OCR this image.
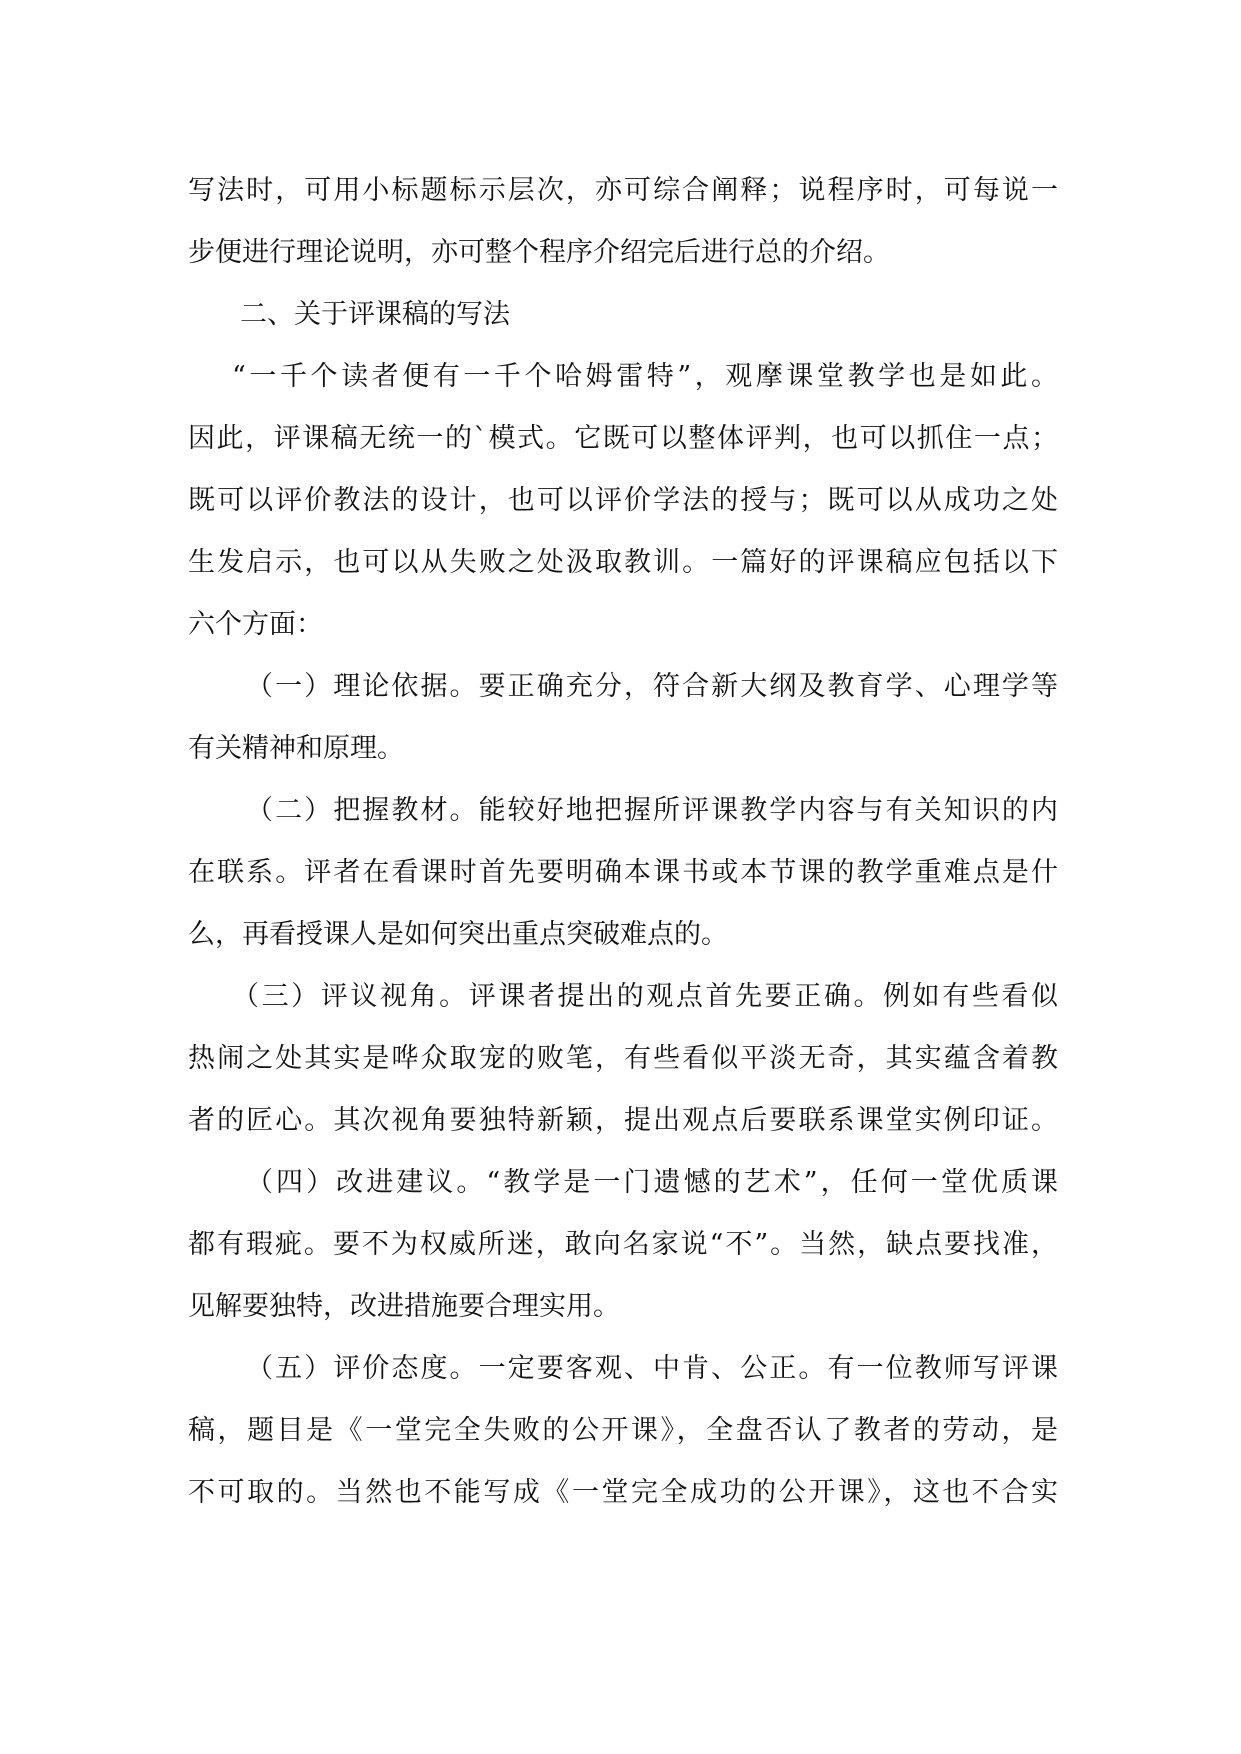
写法时，可用小标题标示层次，亦可综合阐释；说程序时，可每说一
步便进行理论说明，亦可整个程序介绍完后进行总的介绍。
二、关于评课稿的写法
“一千个读者便有一千个哈姆雷特”，观摩课堂教学也是如此。
因此，评课稿无统一的`模式。它既可以整体评判，也可以抓住一点；
既可以评价教法的设计，也可以评价学法的授与；既可以从成功之处
生发启示，也可以从失败之处汲取教训。一篇好的评课稿应包括以下
六个方面：
（一）理论依据。要正确充分，符合新大纲及教育学、心理学等
有关精神和原理。
（二）把握教材。能较好地把握所评课教学内容与有关知识的内
在联系。评者在看课时首先要明确本课书或本节课的教学重难点是什
么，再看授课人是如何突出重点突破难点的。
（三）评议视角。评课者提出的观点首先要正确。例如有些看似
热闹之处其实是哗众取宠的败笔，有些看似平淡无奇，其实蕴含着教
者的匠心。其次视角要独特新颖，提出观点后要联系课堂实例印证。
（四）改进建议。“教学是一门遗憾的艺术”，任何一堂优质课
都有瑕疵。要不为权威所迷，敢向名家说“不”。当然，缺点要找准，
见解要独特，改进措施要合理实用。
（五）评价态度。一定要客观、中肯、公正。有一位教师写评课
稿，题目是《一堂完全失败的公开课》，全盘否认了教者的劳动，是
不可取的。当然也不能写成《一堂完全成功的公开课》，这也不合实
